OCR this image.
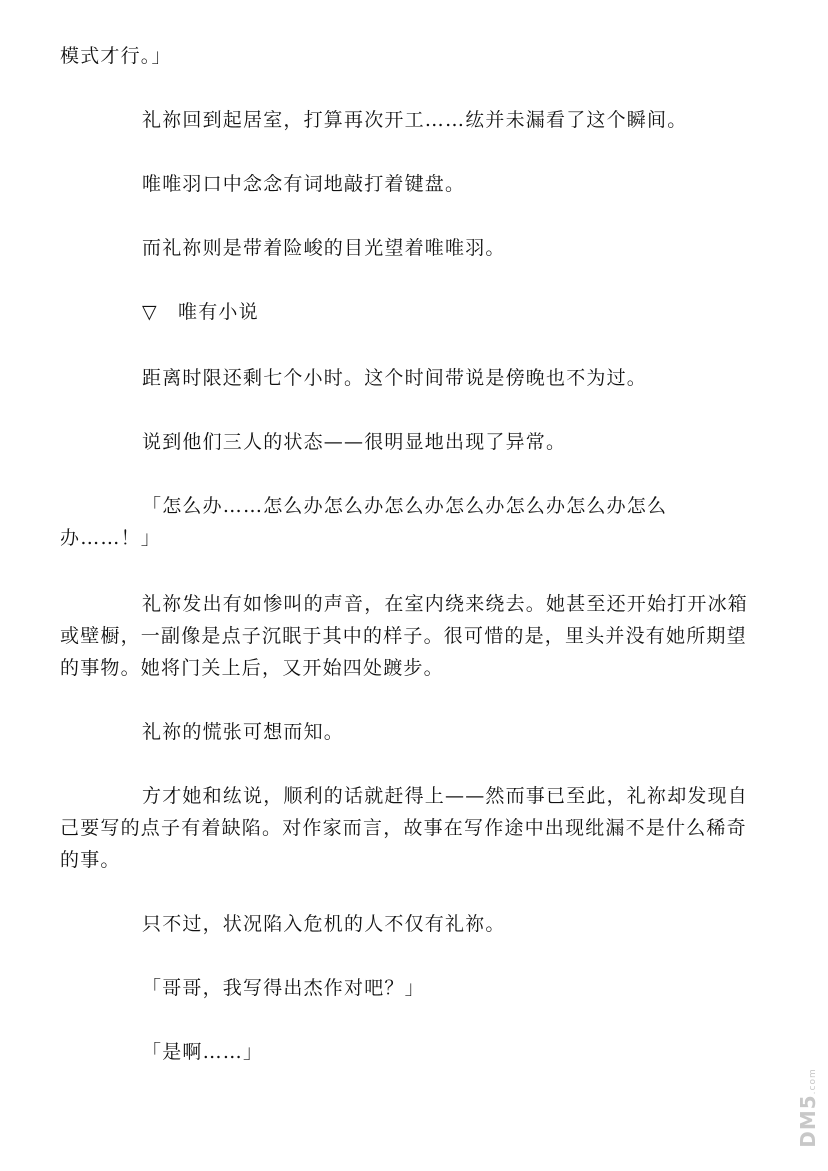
模式才行。」
礼祢回到起居室，打算再次开工……纮并未漏看了这个瞬间。
唯唯羽口中念念有词地敲打着键盘。
而礼祢则是带着险峻的目光望着唯唯羽。
▽　唯有小说
距离时限还剩七个小时。这个时间带说是傍晚也不为过。
说到他们三人的状态——很明显地出现了异常。
「怎么办……怎么办怎么办怎么办怎么办怎么办怎么办怎么
办……！」
礼祢发出有如惨叫的声音，在室内绕来绕去。她甚至还开始打开冰箱
或壁橱，一副像是点子沉眠于其中的样子。很可惜的是，里头并没有她所期望
的事物。她将门关上后，又开始四处踱步。
礼祢的慌张可想而知。
方才她和纮说，顺利的话就赶得上——然而事已至此，礼祢却发现自
己要写的点子有着缺陷。对作家而言，故事在写作途中出现纰漏不是什么稀奇
的事。
只不过，状况陷入危机的人不仅有礼祢。
「哥哥，我写得出杰作对吧？」
「是啊……」
DM5.com
